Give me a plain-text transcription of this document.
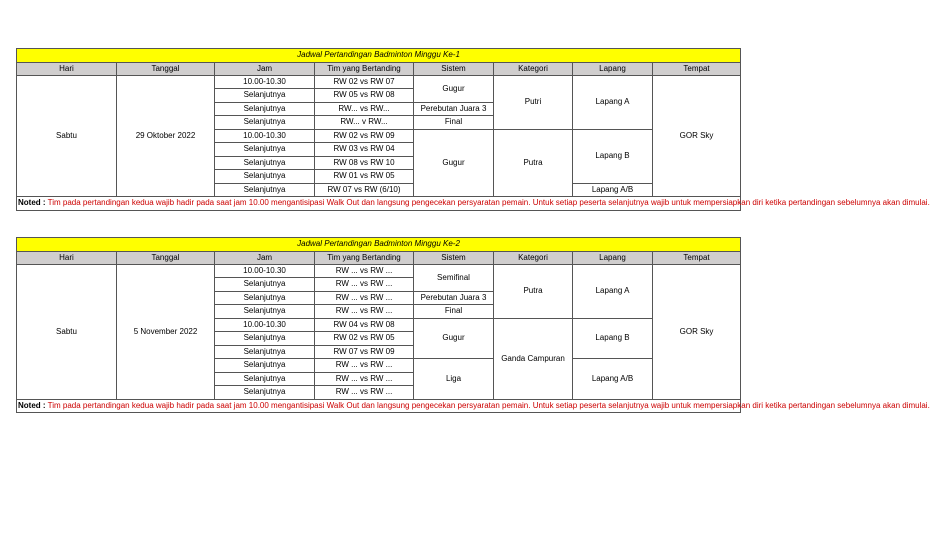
Jadwal Pertandingan Badminton Minggu Ke-1							
Hari	Tanggal	Jam	Tim yang Bertanding	Sistem	Kategori	Lapang	Tempat
Sabtu	29 Oktober 2022	10.00-10.30	RW 02 vs RW 07	Gugur	Putri	Lapang A	GOR Sky
		Selanjutnya	RW 05 vs RW 08				
		Selanjutnya	RW... vs RW...	Perebutan Juara 3			
		Selanjutnya	RW... v RW...	Final			
		10.00-10.30	RW 02 vs RW 09	Gugur	Putra	Lapang B	
		Selanjutnya	RW 03 vs RW 04				
		Selanjutnya	RW 08 vs RW 10				
		Selanjutnya	RW 01 vs RW 05				
		Selanjutnya	RW 07 vs RW (6/10)			Lapang A/B	
Noted : Tim pada pertandingan kedua wajib hadir pada saat jam 10.00 mengantisipasi Walk Out dan langsung pengecekan persyaratan pemain. Untuk setiap peserta selanjutnya wajib untuk mempersiapkan diri ketika pertandingan sebelumnya akan dimulai.							
Jadwal Pertandingan Badminton Minggu Ke-2							
Hari	Tanggal	Jam	Tim yang Bertanding	Sistem	Kategori	Lapang	Tempat
Sabtu	5 November 2022	10.00-10.30	RW ... vs RW ...	Semifinal	Putra	Lapang A	GOR Sky
		Selanjutnya	RW ... vs RW ...				
		Selanjutnya	RW ... vs RW ...	Perebutan Juara 3			
		Selanjutnya	RW ... vs RW ...	Final			
		10.00-10.30	RW 04 vs RW 08	Gugur	Ganda Campuran	Lapang B	
		Selanjutnya	RW 02 vs RW 05				
		Selanjutnya	RW 07 vs RW 09				
		Selanjutnya	RW ... vs RW ...	Liga		Lapang A/B	
		Selanjutnya	RW ... vs RW ...				
		Selanjutnya	RW ... vs RW ...				
Noted : Tim pada pertandingan kedua wajib hadir pada saat jam 10.00 mengantisipasi Walk Out dan langsung pengecekan persyaratan pemain. Untuk setiap peserta selanjutnya wajib untuk mempersiapkan diri ketika pertandingan sebelumnya akan dimulai.							
